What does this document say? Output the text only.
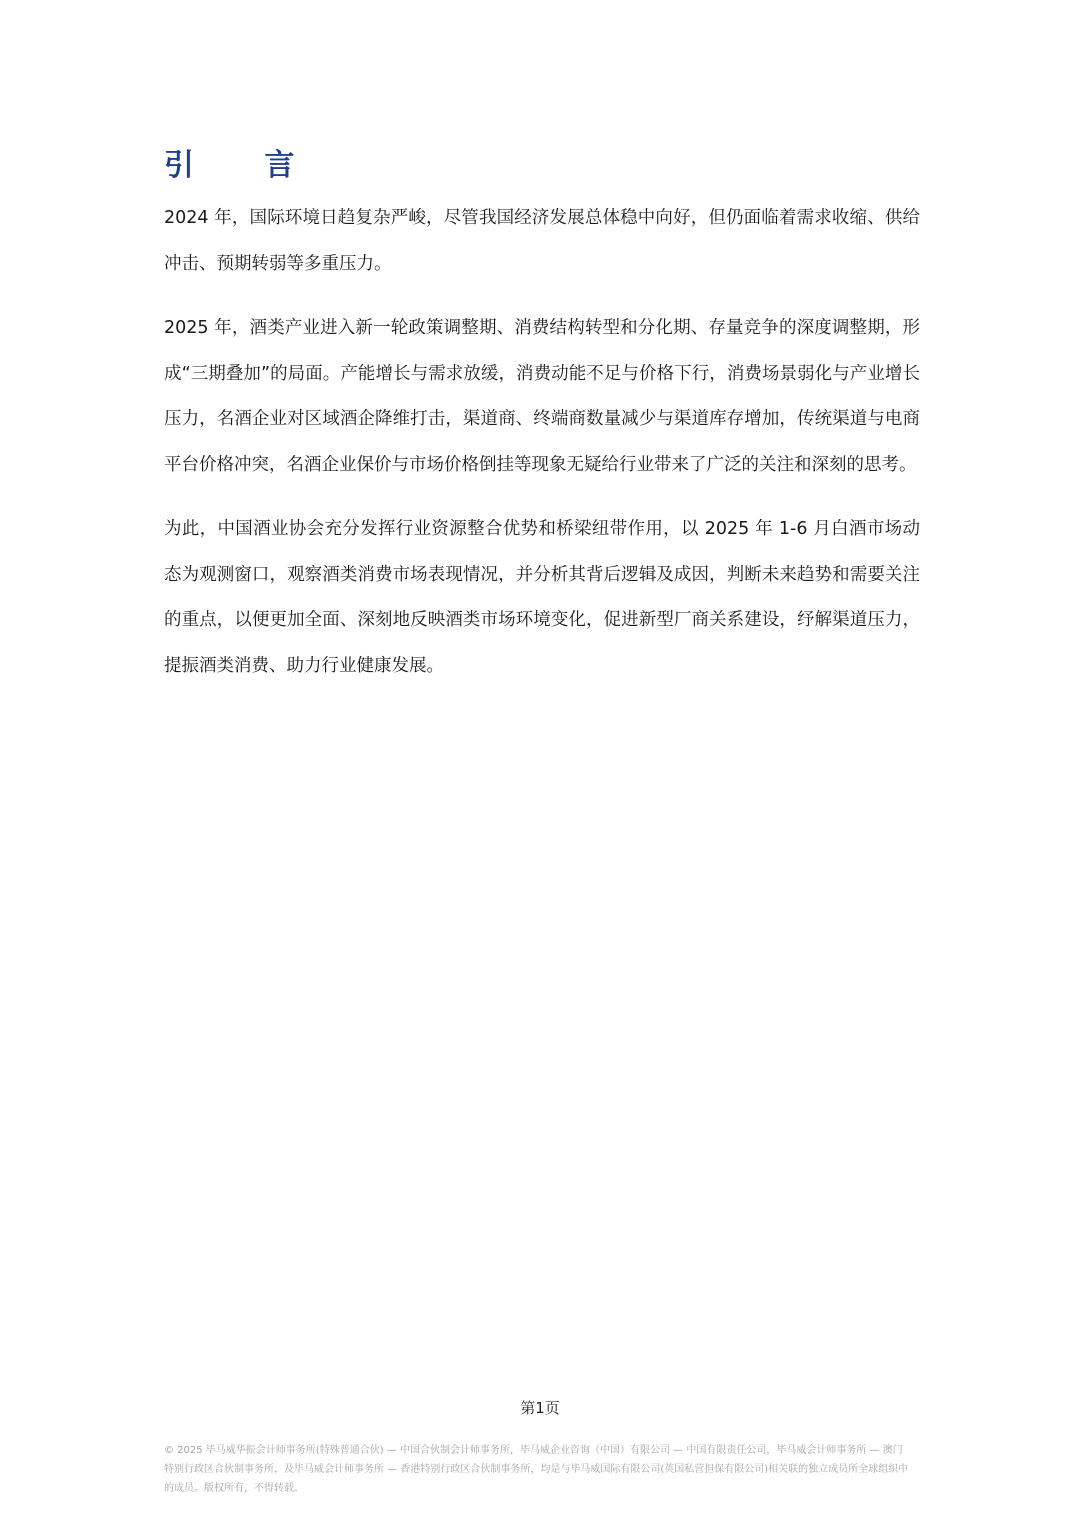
引 言

2024 年，国际环境日趋复杂严峻，尽管我国经济发展总体稳中向好，但仍面临着需求收缩、供给冲击、预期转弱等多重压力。

2025 年，酒类产业进入新一轮政策调整期、消费结构转型和分化期、存量竞争的深度调整期，形成“三期叠加”的局面。产能增长与需求放缓，消费动能不足与价格下行，消费场景弱化与产业增长压力，名酒企业对区域酒企降维打击，渠道商、终端商数量减少与渠道库存增加，传统渠道与电商平台价格冲突，名酒企业保价与市场价格倒挂等现象无疑给行业带来了广泛的关注和深刻的思考。

为此，中国酒业协会充分发挥行业资源整合优势和桥梁纽带作用，以 2025 年 1-6 月白酒市场动态为观测窗口，观察酒类消费市场表现情况，并分析其背后逻辑及成因，判断未来趋势和需要关注的重点，以便更加全面、深刻地反映酒类市场环境变化，促进新型厂商关系建设，纾解渠道压力，提振酒类消费、助力行业健康发展。

第1页
© 2025 毕马威华振会计师事务所(特殊普通合伙) — 中国合伙制会计师事务所，毕马威企业咨询（中国）有限公司 — 中国有限责任公司，毕马威会计师事务所 — 澳门特别行政区合伙制事务所，及毕马威会计师事务所 — 香港特别行政区合伙制事务所，均是与毕马威国际有限公司(英国私营担保有限公司)相关联的独立成员所全球组织中的成员。版权所有，不得转载。
